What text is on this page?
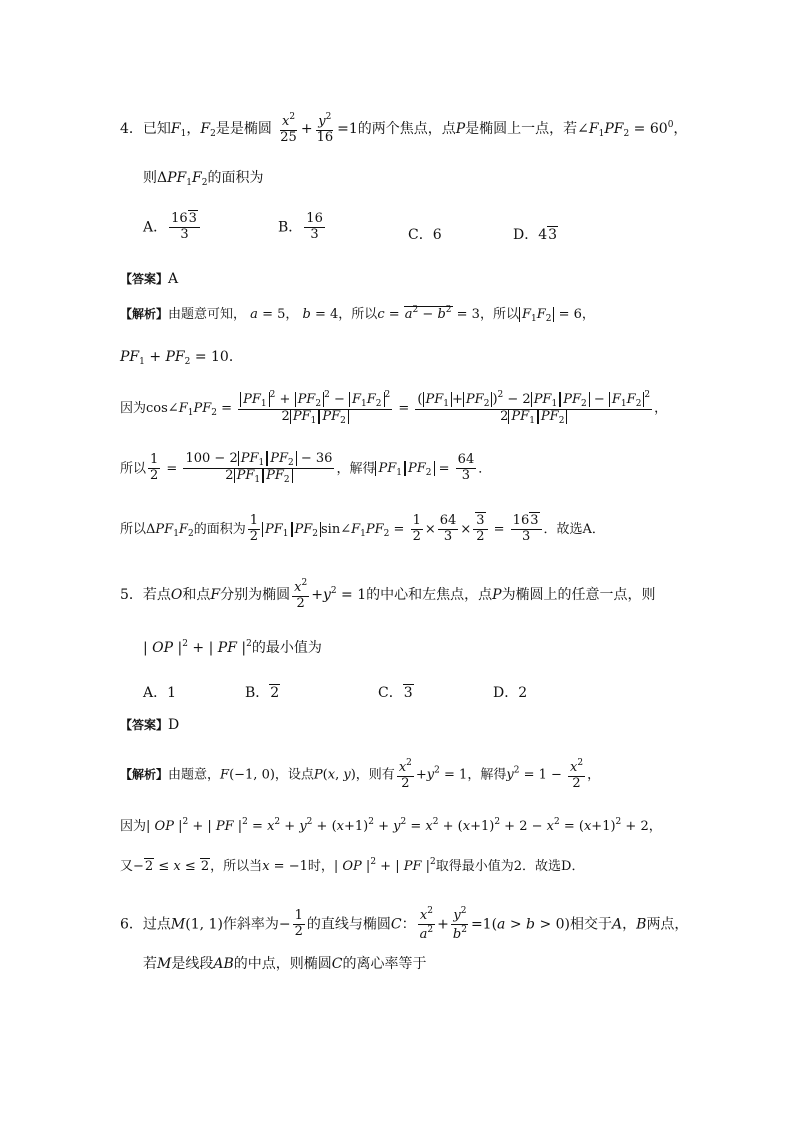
4．已知$F_1$，$F_2$是是椭圆 $\frac{x^2}{25} + \frac{y^2}{16} =1$的两个焦点，点P是椭圆上一点，若$\angle F_1PF_2 = 60^0$，
则$\Delta PF_1F_2$的面积为
A． $\frac{163}{3}$	B． $\frac{16}{3}$	C．6	D．43
【答案】A
【解析】由题意可知， a = 5， b = 4，所以$c = a^2 - b^2 = 3$，所以 $F_1F_2 = 6$，
$PF_1 + PF_2 = 10$．
因为$\cos\angle F_1PF_2 = \frac{PF_1^2 + PF_2^2 - F_1F_2^2}{2 PF_1 PF_2} = \frac{( PF_1 + PF_2 )^2 - 2 PF_1 PF_2 - F_1F_2^2}{2 PF_1 PF_2}$ ，
所以 $\frac{1}{2} = \frac{100 - 2 PF_1 PF_2 - 36}{2 PF_1 PF_2}$ ，解得 $PF_1$ $PF_2 = \frac{64}{3}$ ．
所以$\Delta PF_1F_2$的面积为 $\frac{1}{2} PF_1$ $PF_2$ $\sin\angle F_1PF_2 = \frac{1}{2} \times \frac{64}{3} \times \frac{3}{2} = \frac{163}{3}$ ．故选A．
5．若点O和点F分别为椭圆 $\frac{x^2}{2} +y^2 = 1$的中心和左焦点，点P为椭圆上的任意一点，则
| OP $|^2$ + | PF $|^2$的最小值为
A．1	B．2	C．3	D．2
【答案】D
【解析】由题意，F(−1, 0)，设点P(x, y)，则有 $\frac{x^2}{2} +y^2 = 1$，解得$y^2 = 1 - \frac{x^2}{2}$ ，
因为| OP $|^2$ + | PF $|^2 = x^2 + y^2 + (x+1)^2 + y^2 = x^2 + (x+1)^2 + 2 - x^2 = (x+1)^2 + 2$，
又−2 ≤ x ≤ 2，所以当x = −1时，| OP $|^2$ + | PF $|^2$取得最小值为2．故选D．
6．过点M(1, 1)作斜率为− $\frac{1}{2}$ 的直线与椭圆C： $\frac{x^2}{a^2} + \frac{y^2}{b^2} =1(a > b > 0)$相交于A，B两点，
若M是线段AB的中点，则椭圆C的离心率等于
